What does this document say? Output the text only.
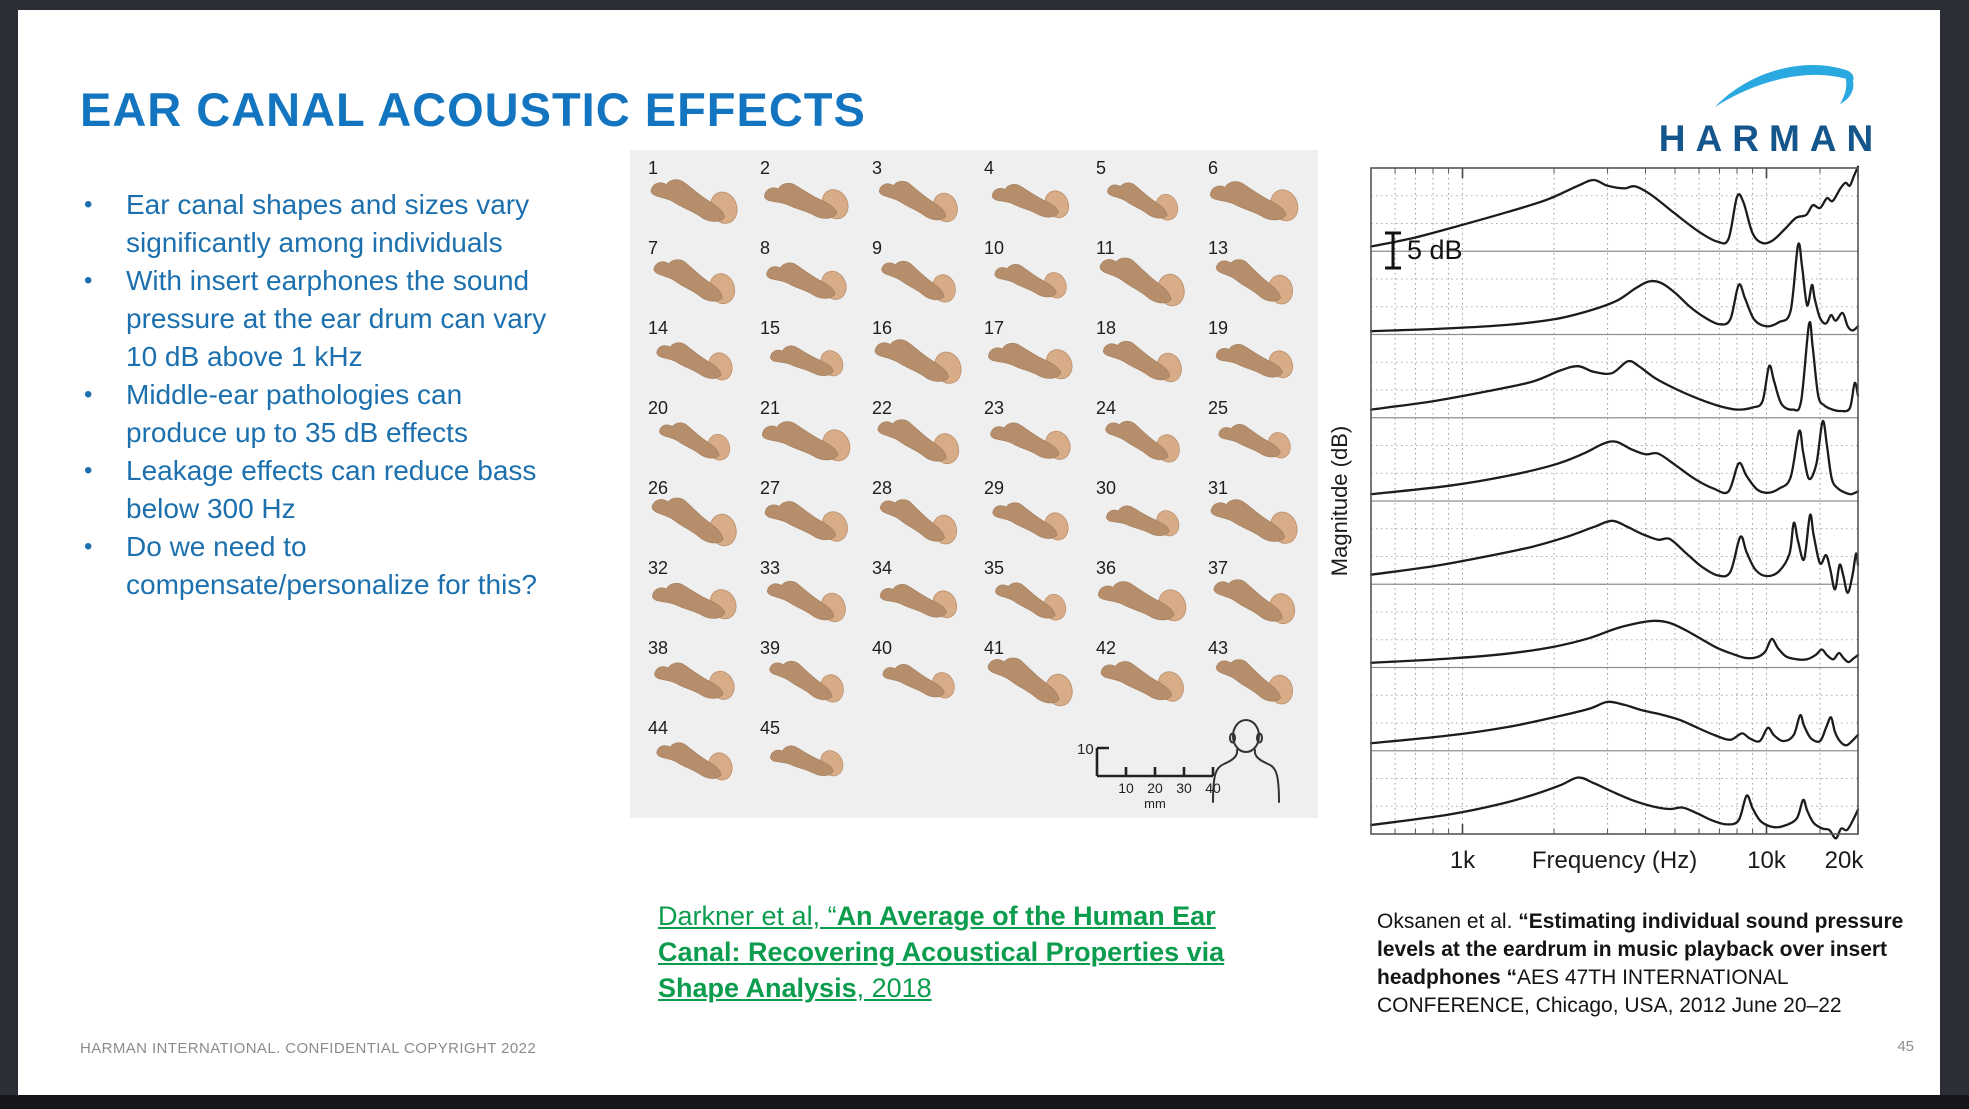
EAR CANAL ACOUSTIC EFFECTS
HARMAN
• Ear canal shapes and sizes vary significantly among individuals
• With insert earphones the sound pressure at the ear drum can vary 10 dB above 1 kHz
• Middle-ear pathologies can produce up to 35 dB effects
• Leakage effects can reduce bass below 300 Hz
• Do we need to compensate/personalize for this?
1	2	3	4	5	6
7	8	9	10	11	13
14	15	16	17	18	19
20	21	22	23	24	25
26	27	28	29	30	31
32	33	34	35	36	37
38	39	40	41	42	43
44	45
10
10 20 30 40
mm
5 dB
1k	10k 20k
Frequency (Hz)
Magnitude (dB)
Darkner et al, “An Average of the Human Ear Canal: Recovering Acoustical Properties via Shape Analysis, 2018
Oksanen et al. “Estimating individual sound pressure levels at the eardrum in music playback over insert headphones “AES 47TH INTERNATIONAL CONFERENCE, Chicago, USA, 2012 June 20–22
HARMAN INTERNATIONAL. CONFIDENTIAL COPYRIGHT 2022	45
